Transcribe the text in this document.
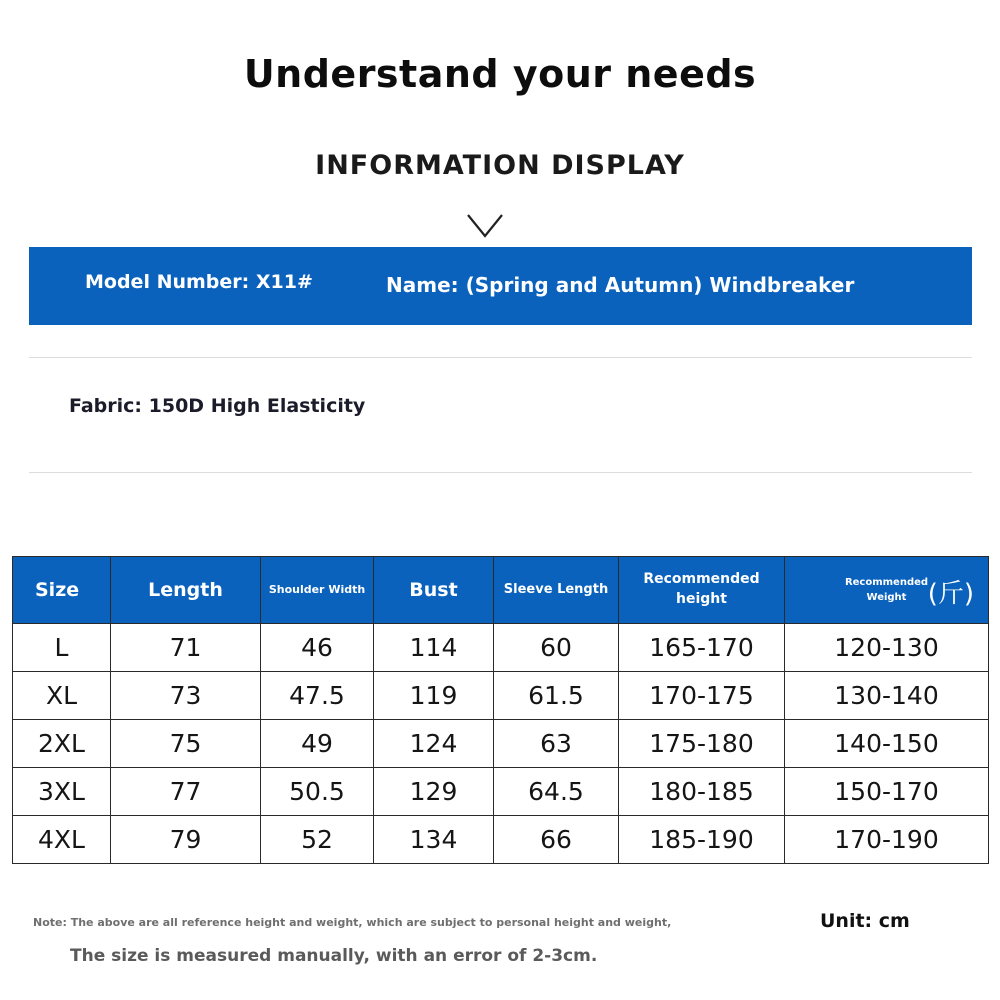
Understand your needs
INFORMATION DISPLAY
Model Number: X11#	Name: (Spring and Autumn) Windbreaker
Fabric: 150D High Elasticity
Size	Length	Shoulder Width	Bust	Sleeve Length	Recommended height	Recommended Weight (斤)

L	71	46	114	60	165-170	120-130
XL	73	47.5	119	61.5	170-175	130-140
2XL	75	49	124	63	175-180	140-150
3XL	77	50.5	129	64.5	180-185	150-170
4XL	79	52	134	66	185-190	170-190
Note: The above are all reference height and weight, which are subject to personal height and weight,	Unit: cm
The size is measured manually, with an error of 2-3cm.
